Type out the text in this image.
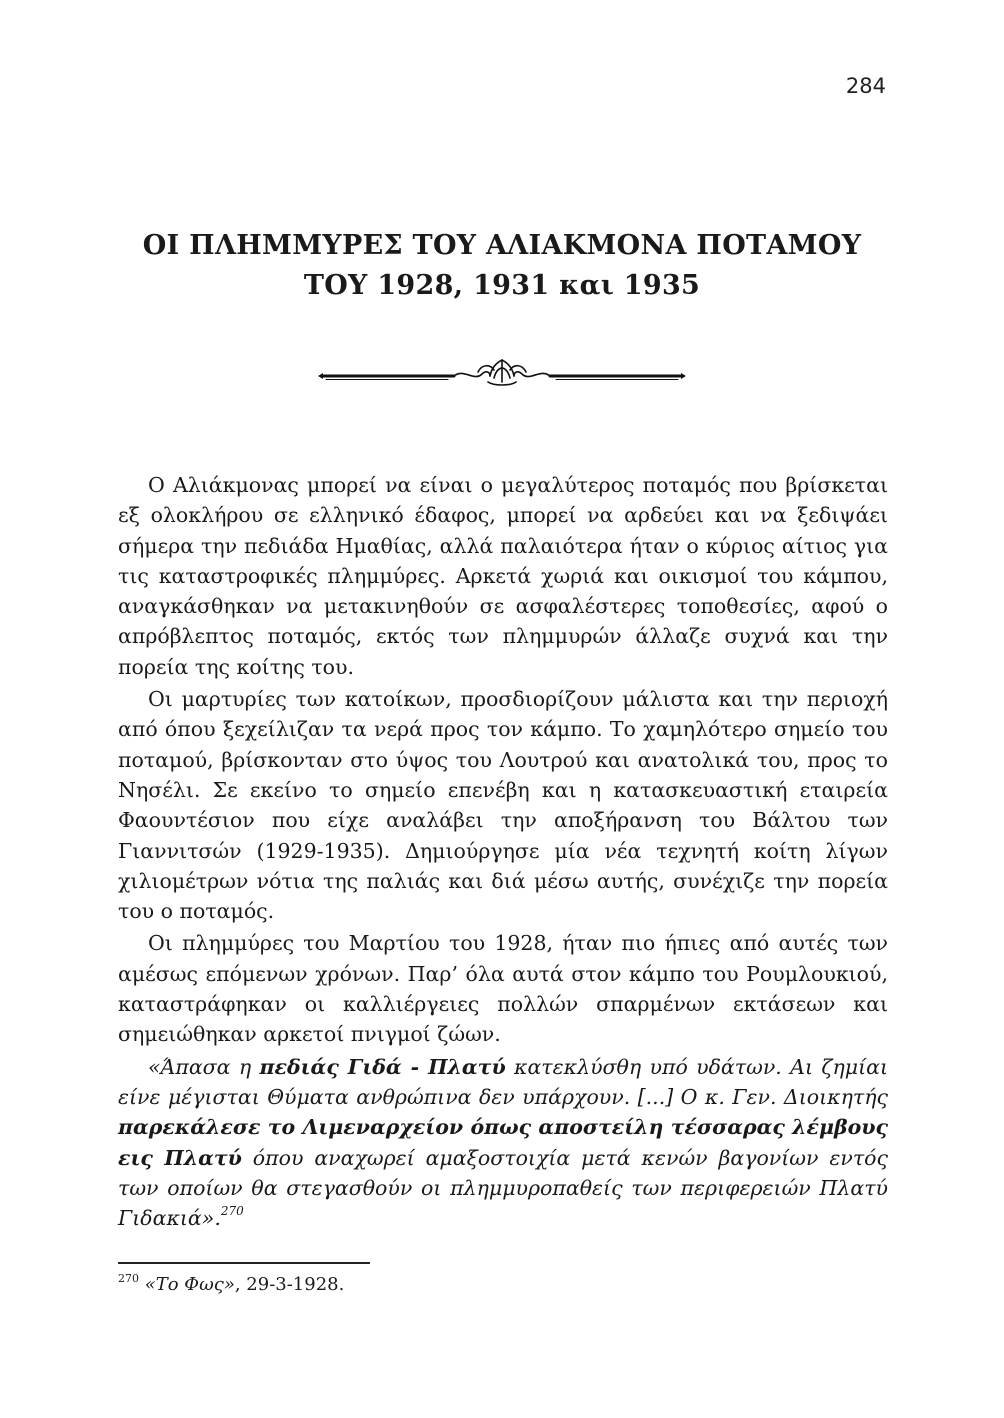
284
ΟΙ ΠΛΗΜΜΥΡΕΣ ΤΟΥ ΑΛΙΑΚΜΟΝΑ ΠΟΤΑΜΟΥ
ΤΟΥ 1928, 1931 και 1935

Ο Αλιάκμονας μπορεί να είναι ο μεγαλύτερος ποταμός που βρίσκεται εξ ολοκλήρου σε ελληνικό έδαφος, μπορεί να αρδεύει και να ξεδιψάει σήμερα την πεδιάδα Ημαθίας, αλλά παλαιότερα ήταν ο κύριος αίτιος για τις καταστροφικές πλημμύρες. Αρκετά χωριά και οικισμοί του κάμπου, αναγκάσθηκαν να μετακινηθούν σε ασφαλέστερες τοποθεσίες, αφού ο απρόβλεπτος ποταμός, εκτός των πλημμυρών άλλαζε συχνά και την πορεία της κοίτης του.

Οι μαρτυρίες των κατοίκων, προσδιορίζουν μάλιστα και την περιοχή από όπου ξεχείλιζαν τα νερά προς τον κάμπο. Το χαμηλότερο σημείο του ποταμού, βρίσκονταν στο ύψος του Λουτρού και ανατολικά του, προς το Νησέλι. Σε εκείνο το σημείο επενέβη και η κατασκευαστική εταιρεία Φαουντέσιον που είχε αναλάβει την αποξήρανση του Βάλτου των Γιαννιτσών (1929-1935). Δημιούργησε μία νέα τεχνητή κοίτη λίγων χιλιομέτρων νότια της παλιάς και διά μέσω αυτής, συνέχιζε την πορεία του ο ποταμός.

Οι πλημμύρες του Μαρτίου του 1928, ήταν πιο ήπιες από αυτές των αμέσως επόμενων χρόνων. Παρ’ όλα αυτά στον κάμπο του Ρουμλουκιού, καταστράφηκαν οι καλλιέργειες πολλών σπαρμένων εκτάσεων και σημειώθηκαν αρκετοί πνιγμοί ζώων.

«Άπασα η πεδιάς Γιδά - Πλατύ κατεκλύσθη υπό υδάτων. Αι ζημίαι είνε μέγισται Θύματα ανθρώπινα δεν υπάρχουν. [...] Ο κ. Γεν. Διοικητής παρεκάλεσε το Λιμεναρχείον όπως αποστείλη τέσσαρας λέμβους εις Πλατύ όπου αναχωρεί αμαξοστοιχία μετά κενών βαγονίων εντός των οποίων θα στεγασθούν οι πλημμυροπαθείς των περιφερειών Πλατύ Γιδακιά».$^{270}$

$^{270}$ «Το Φως», 29-3-1928.
